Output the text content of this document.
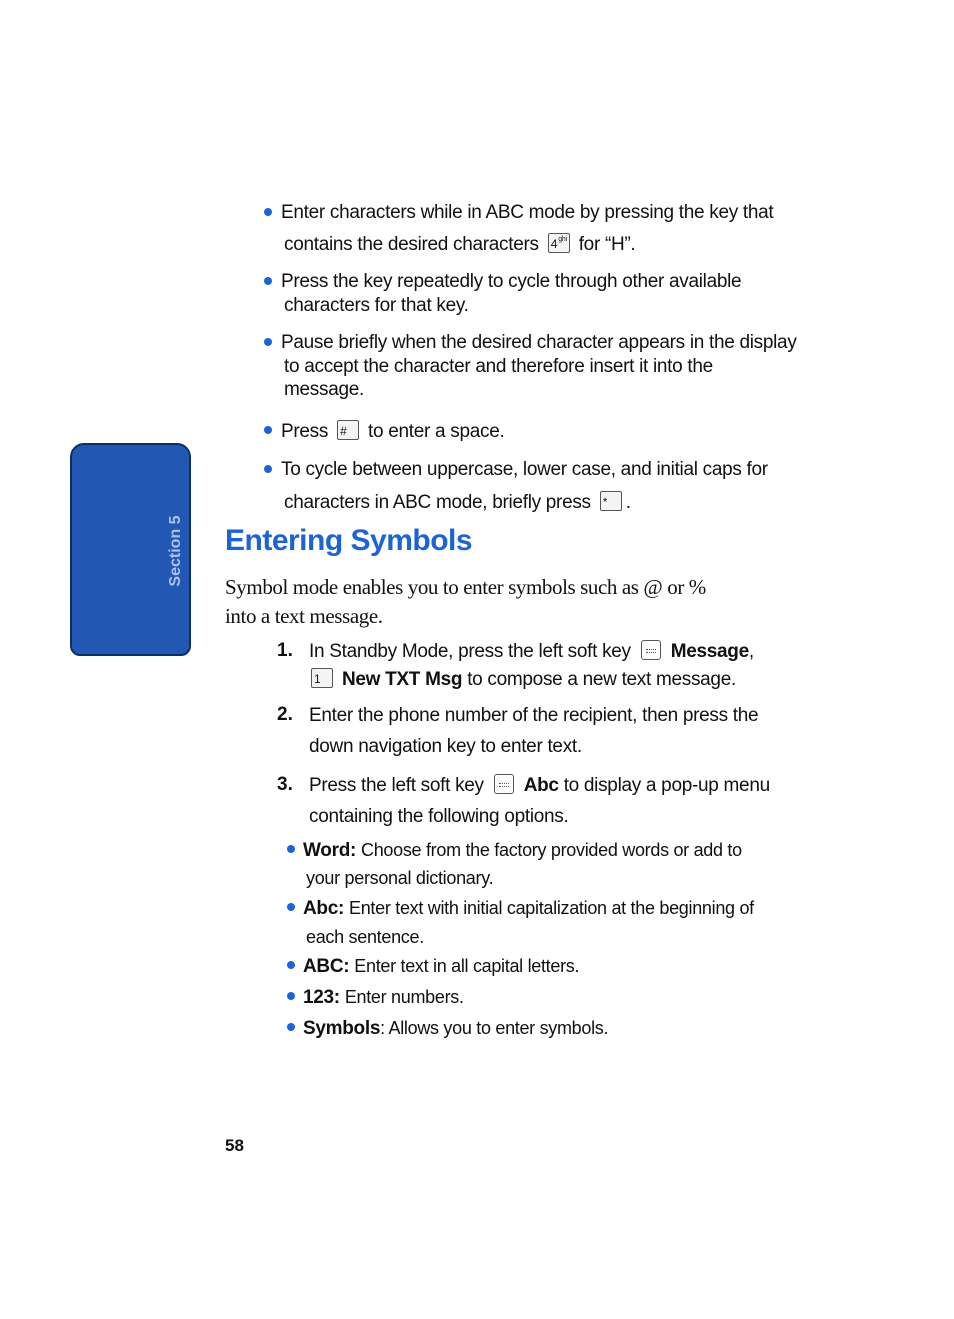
Section 5
Enter characters while in ABC mode by pressing the key that
contains the desired characters 4 ghi for “H”.
Press the key repeatedly to cycle through other available
characters for that key.
Pause briefly when the desired character appears in the display
to accept the character and therefore insert it into the
message.
Press # to enter a space.
To cycle between uppercase, lower case, and initial caps for
characters in ABC mode, briefly press * .
Entering Symbols
Symbol mode enables you to enter symbols such as @ or %
into a text message.
1. In Standby Mode, press the left soft key Message,
1 New TXT Msg to compose a new text message.
2. Enter the phone number of the recipient, then press the
down navigation key to enter text.
3. Press the left soft key Abc to display a pop-up menu
containing the following options.
Word: Choose from the factory provided words or add to
your personal dictionary.
Abc: Enter text with initial capitalization at the beginning of
each sentence.
ABC: Enter text in all capital letters.
123: Enter numbers.
Symbols: Allows you to enter symbols.
58
